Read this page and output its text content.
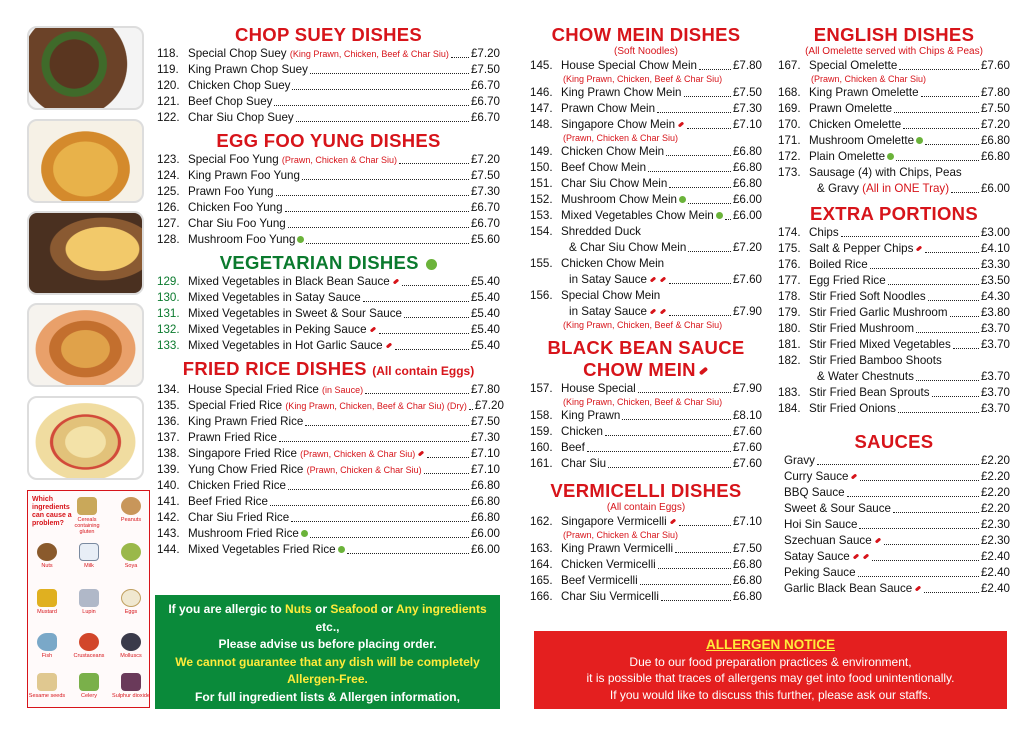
Which ingredients can cause a problem?	Cereals containing gluten
Peanuts
Nuts	Milk	Soya
Mustard	Lupin	Eggs
Fish	Crustaceans	Molluscs
Sesame seeds	Celery	Sulphur dioxide
CHOP SUEY DISHES
118. Special Chop Suey (King Prawn, Chicken, Beef & Char Siu) £7.20
119. King Prawn Chop Suey	£7.50
120. Chicken Chop Suey	£6.70
121. Beef Chop Suey	£6.70
122. Char Siu Chop Suey	£6.70
EGG FOO YUNG DISHES
123. Special Foo Yung (Prawn, Chicken & Char Siu)	£7.20
124. King Prawn Foo Yung	£7.50
125. Prawn Foo Yung	£7.30
126. Chicken Foo Yung	£6.70
127. Char Siu Foo Yung	£6.70
128. Mushroom Foo Yung	£5.60
VEGETARIAN DISHES
129. Mixed Vegetables in Black Bean Sauce	£5.40
130. Mixed Vegetables in Satay Sauce	£5.40
131. Mixed Vegetables in Sweet & Sour Sauce	£5.40
132. Mixed Vegetables in Peking Sauce	£5.40
133. Mixed Vegetables in Hot Garlic Sauce	£5.40
FRIED RICE DISHES (All contain Eggs)
134. House Special Fried Rice (in Sauce)	£7.80
135. Special Fried Rice (King Prawn, Chicken, Beef & Char Siu) (Dry) £7.20
136. King Prawn Fried Rice	£7.50
137. Prawn Fried Rice	£7.30
138. Singapore Fried Rice (Prawn, Chicken & Char Siu)	£7.10
139. Yung Chow Fried Rice (Prawn, Chicken & Char Siu)	£7.10
140. Chicken Fried Rice	£6.80
141. Beef Fried Rice	£6.80
142. Char Siu Fried Rice	£6.80
143. Mushroom Fried Rice	£6.00
144. Mixed Vegetables Fried Rice	£6.00
If you are allergic to Nuts or Seafood or Any ingredients etc.,
Please advise us before placing order.
We cannot guarantee that any dish will be completely
Allergen-Free.
For full ingredient lists & Allergen information,
please ask our staff.
CHOW MEIN DISHES
(Soft Noodles)
145. House Special Chow Mein	£7.80
(King Prawn, Chicken, Beef & Char Siu)
146. King Prawn Chow Mein	£7.50
147. Prawn Chow Mein	£7.30
148. Singapore Chow Mein	£7.10
(Prawn, Chicken & Char Siu)
149. Chicken Chow Mein	£6.80
150. Beef Chow Mein	£6.80
151. Char Siu Chow Mein	£6.80
152. Mushroom Chow Mein	£6.00
153. Mixed Vegetables Chow Mein	£6.00
154. Shredded Duck
& Char Siu Chow Mein	£7.20
155. Chicken Chow Mein
in Satay Sauce	£7.60
156. Special Chow Mein
in Satay Sauce	£7.90
(King Prawn, Chicken, Beef & Char Siu)
BLACK BEAN SAUCE
CHOW MEIN
157. House Special	£7.90
(King Prawn, Chicken, Beef & Char Siu)
158. King Prawn	£8.10
159. Chicken	£7.60
160. Beef	£7.60
161. Char Siu	£7.60
VERMICELLI DISHES
(All contain Eggs)
162. Singapore Vermicelli	£7.10
(Prawn, Chicken & Char Siu)
163. King Prawn Vermicelli	£7.50
164. Chicken Vermicelli	£6.80
165. Beef Vermicelli	£6.80
166. Char Siu Vermicelli	£6.80
ENGLISH DISHES
(All Omelette served with Chips & Peas)
167. Special Omelette	£7.60
(Prawn, Chicken & Char Siu)
168. King Prawn Omelette	£7.80
169. Prawn Omelette	£7.50
170. Chicken Omelette	£7.20
171. Mushroom Omelette	£6.80
172. Plain Omelette	£6.80
173. Sausage (4) with Chips, Peas
& Gravy (All in ONE Tray)	£6.00
EXTRA PORTIONS
174. Chips	£3.00
175. Salt & Pepper Chips	£4.10
176. Boiled Rice	£3.30
177. Egg Fried Rice	£3.50
178. Stir Fried Soft Noodles	£4.30
179. Stir Fried Garlic Mushroom	£3.80
180. Stir Fried Mushroom	£3.70
181. Stir Fried Mixed Vegetables	£3.70
182. Stir Fried Bamboo Shoots
& Water Chestnuts	£3.70
183. Stir Fried Bean Sprouts	£3.70
184. Stir Fried Onions	£3.70
SAUCES
Gravy	£2.20
Curry Sauce	£2.20
BBQ Sauce	£2.20
Sweet & Sour Sauce	£2.20
Hoi Sin Sauce	£2.30
Szechuan Sauce	£2.30
Satay Sauce	£2.40
Peking Sauce	£2.40
Garlic Black Bean Sauce	£2.40
ALLERGEN NOTICE
Due to our food preparation practices & environment,
it is possible that traces of allergens may get into food unintentionally.
If you would like to discuss this further, please ask our staffs.
